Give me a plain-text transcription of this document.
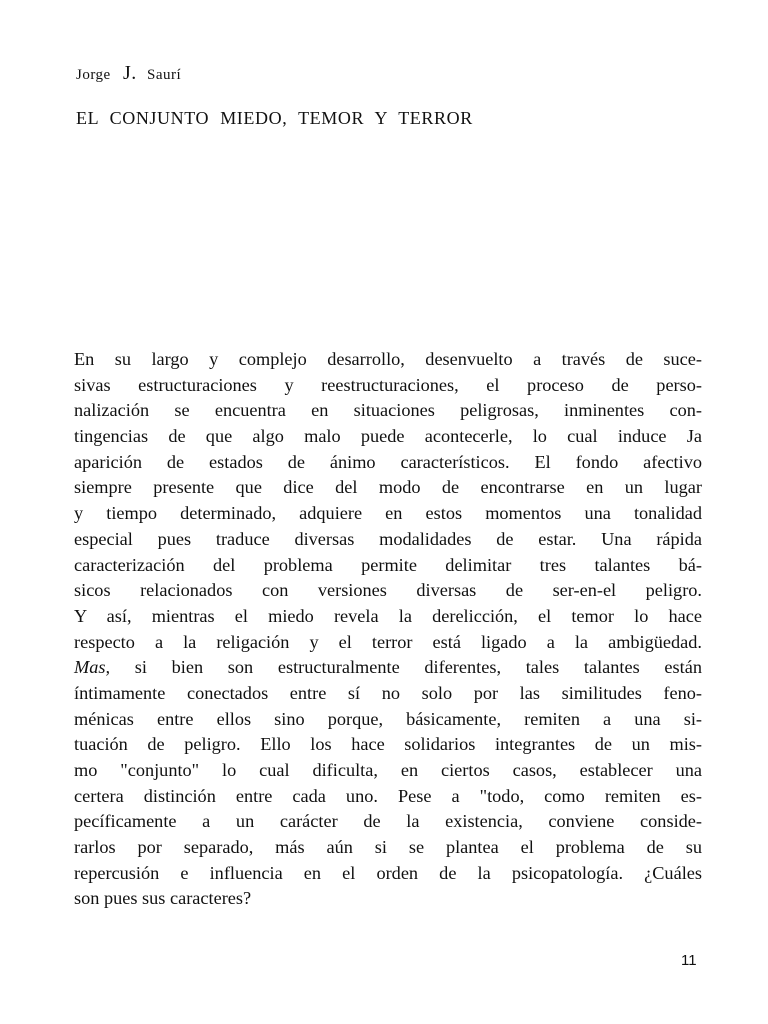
Jorge J. Saurí
EL CONJUNTO MIEDO, TEMOR Y TERROR
En su largo y complejo desarrollo, desenvuelto a través de suce-
sivas estructuraciones y reestructuraciones, el proceso de perso-
nalización se encuentra en situaciones peligrosas, inminentes con-
tingencias de que algo malo puede acontecerle, lo cual induce Ja
aparición de estados de ánimo característicos. El fondo afectivo
siempre presente que dice del modo de encontrarse en un lugar
y tiempo determinado, adquiere en estos momentos una tonalidad
especial pues traduce diversas modalidades de estar. Una rápida
caracterización del problema permite delimitar tres talantes bá-
sicos relacionados con versiones diversas de ser-en-el peligro.
Y así, mientras el miedo revela la derelicción, el temor lo hace
respecto a la religación y el terror está ligado a la ambigüedad.
Mas, si bien son estructuralmente diferentes, tales talantes están
íntimamente conectados entre sí no solo por las similitudes feno-
ménicas entre ellos sino porque, básicamente, remiten a una si-
tuación de peligro. Ello los hace solidarios integrantes de un mis-
mo "conjunto" lo cual dificulta, en ciertos casos, establecer una
certera distinción entre cada uno. Pese a "todo, como remiten es-
pecíficamente a un carácter de la existencia, conviene conside-
rarlos por separado, más aún si se plantea el problema de su
repercusión e influencia en el orden de la psicopatología. ¿Cuáles
son pues sus caracteres?
11
